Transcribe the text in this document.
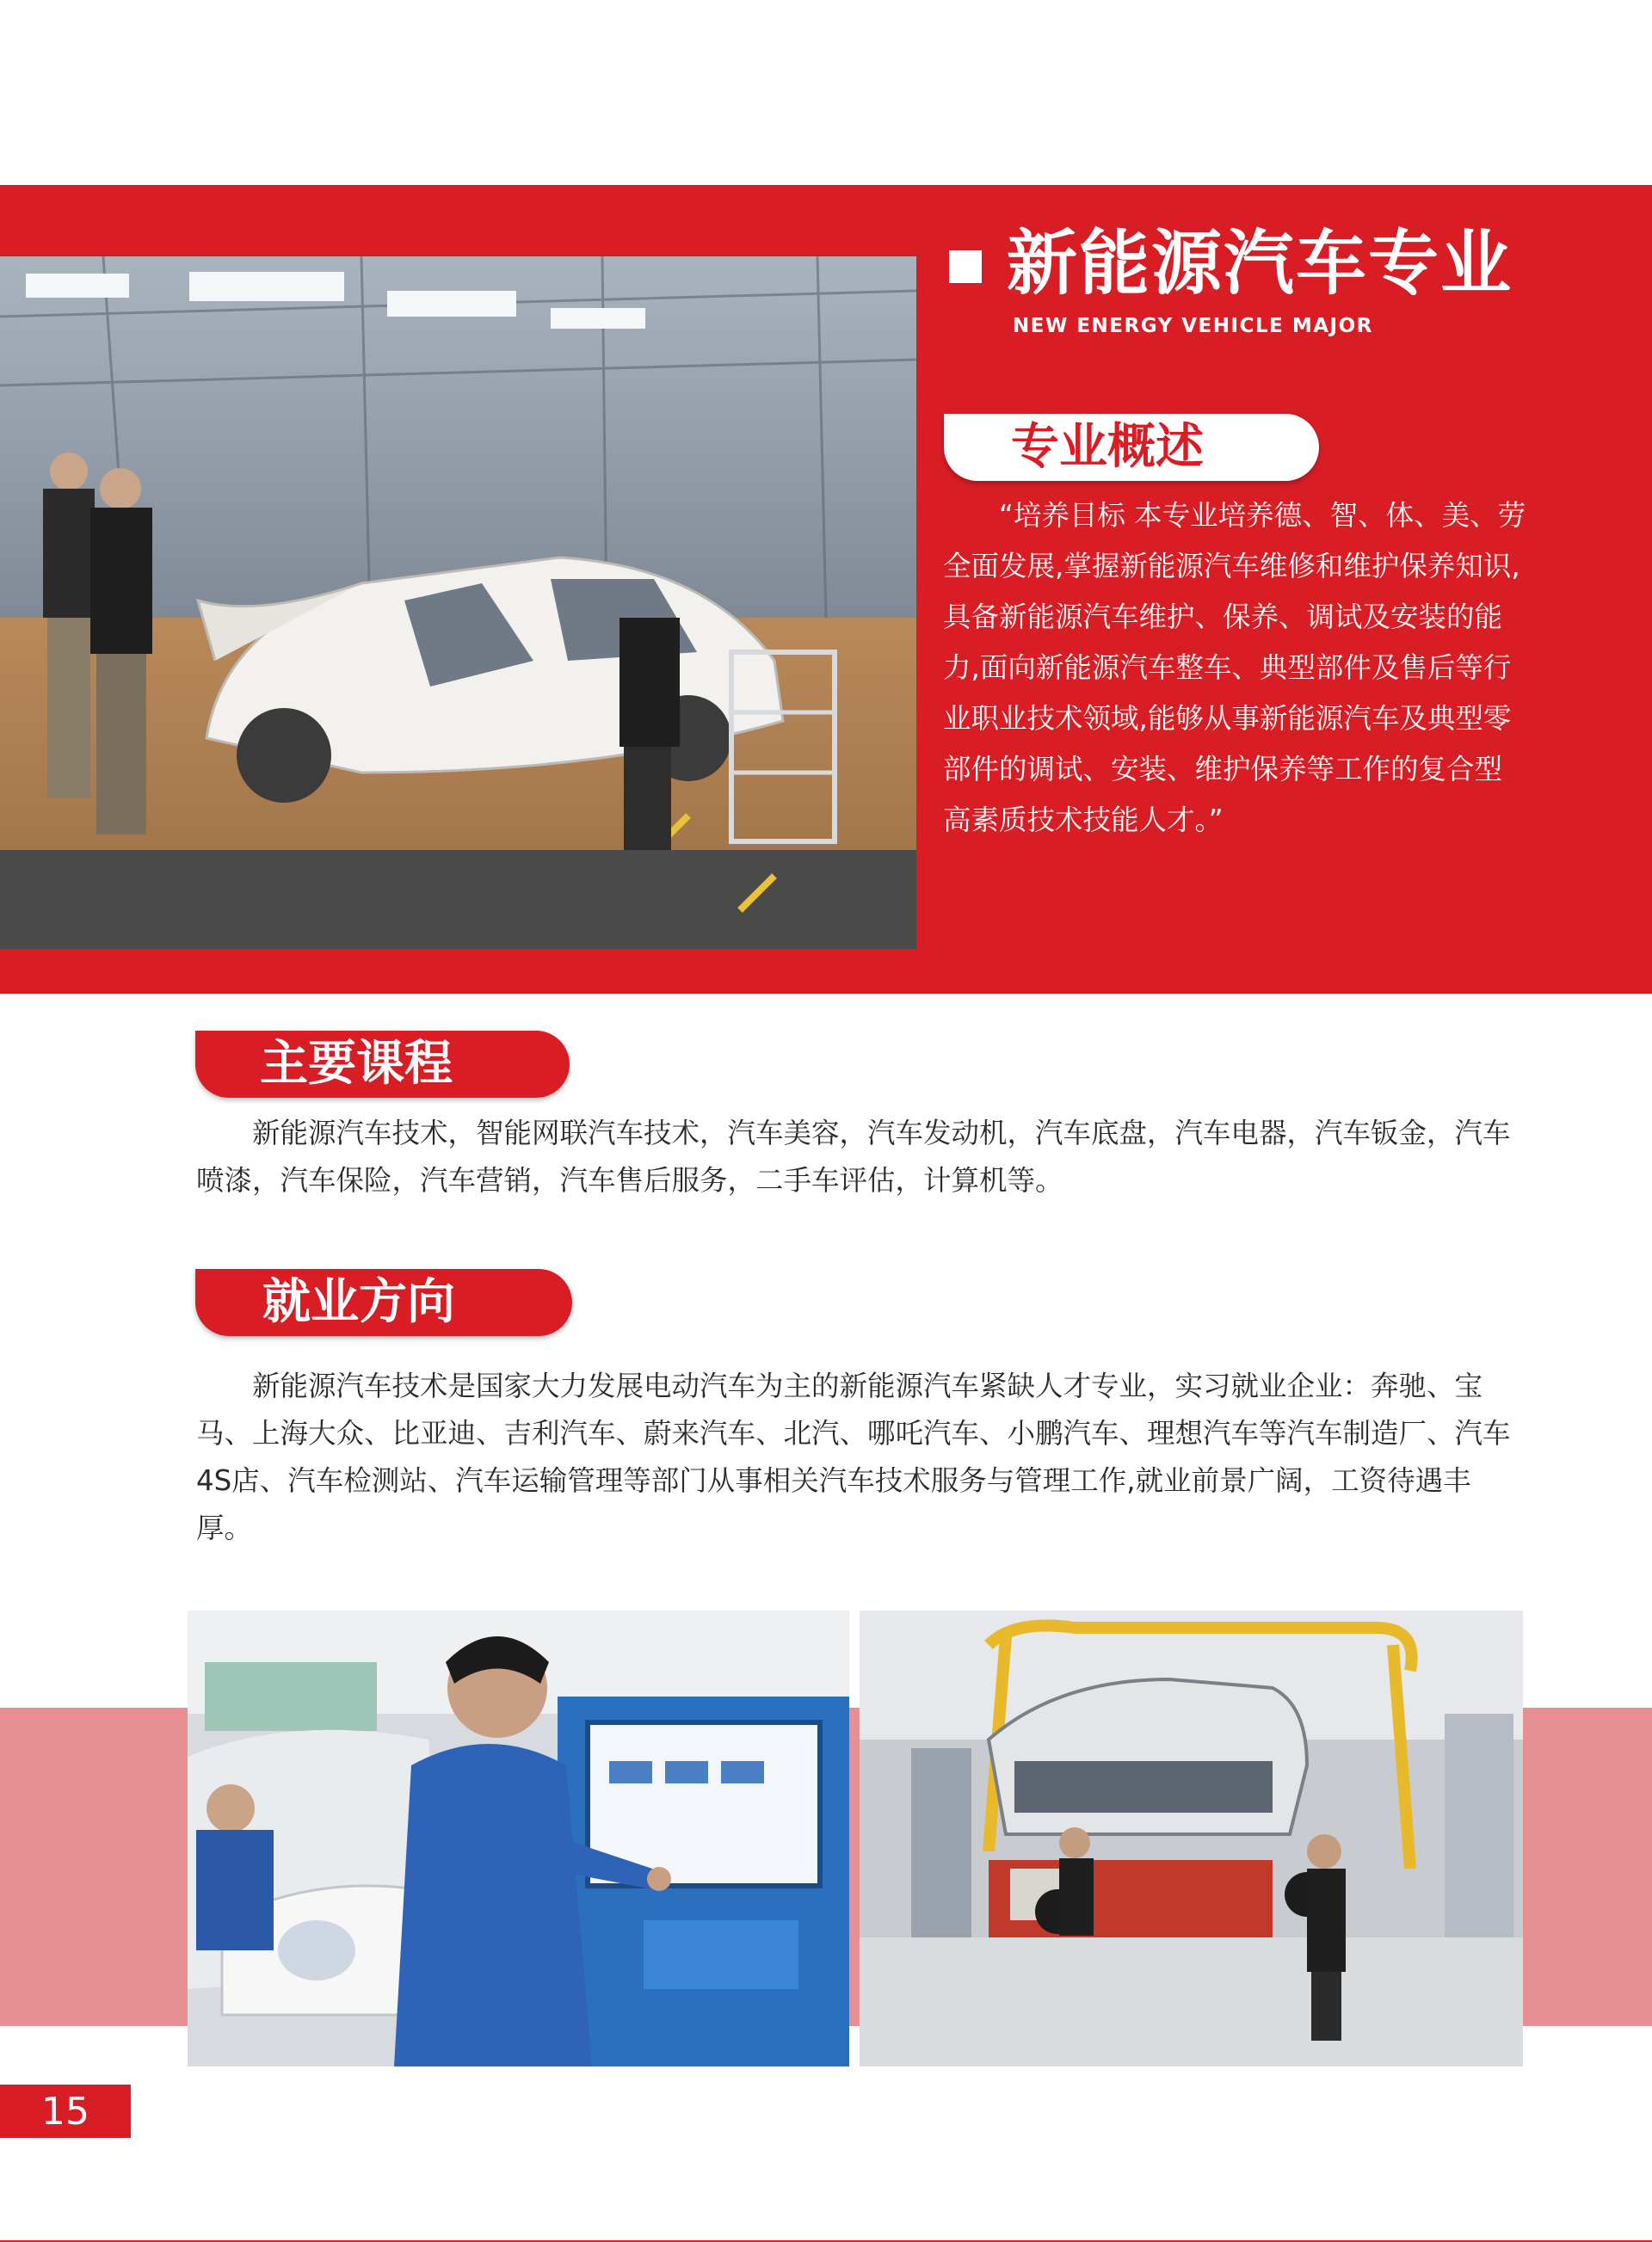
新能源汽车专业
NEW ENERGY VEHICLE MAJOR
专业概述
“培养目标 本专业培养德、智、体、美、劳全面发展,掌握新能源汽车维修和维护保养知识,具备新能源汽车维护、保养、调试及安装的能力,面向新能源汽车整车、典型部件及售后等行业职业技术领域,能够从事新能源汽车及典型零部件的调试、安装、维护保养等工作的复合型高素质技术技能人才。”
主要课程
新能源汽车技术，智能网联汽车技术，汽车美容，汽车发动机，汽车底盘，汽车电器，汽车钣金，汽车喷漆，汽车保险，汽车营销，汽车售后服务，二手车评估，计算机等。
就业方向
新能源汽车技术是国家大力发展电动汽车为主的新能源汽车紧缺人才专业，实习就业企业：奔驰、宝马、上海大众、比亚迪、吉利汽车、蔚来汽车、北汽、哪吒汽车、小鹏汽车、理想汽车等汽车制造厂、汽车4S店、汽车检测站、汽车运输管理等部门从事相关汽车技术服务与管理工作,就业前景广阔，工资待遇丰厚。
15
